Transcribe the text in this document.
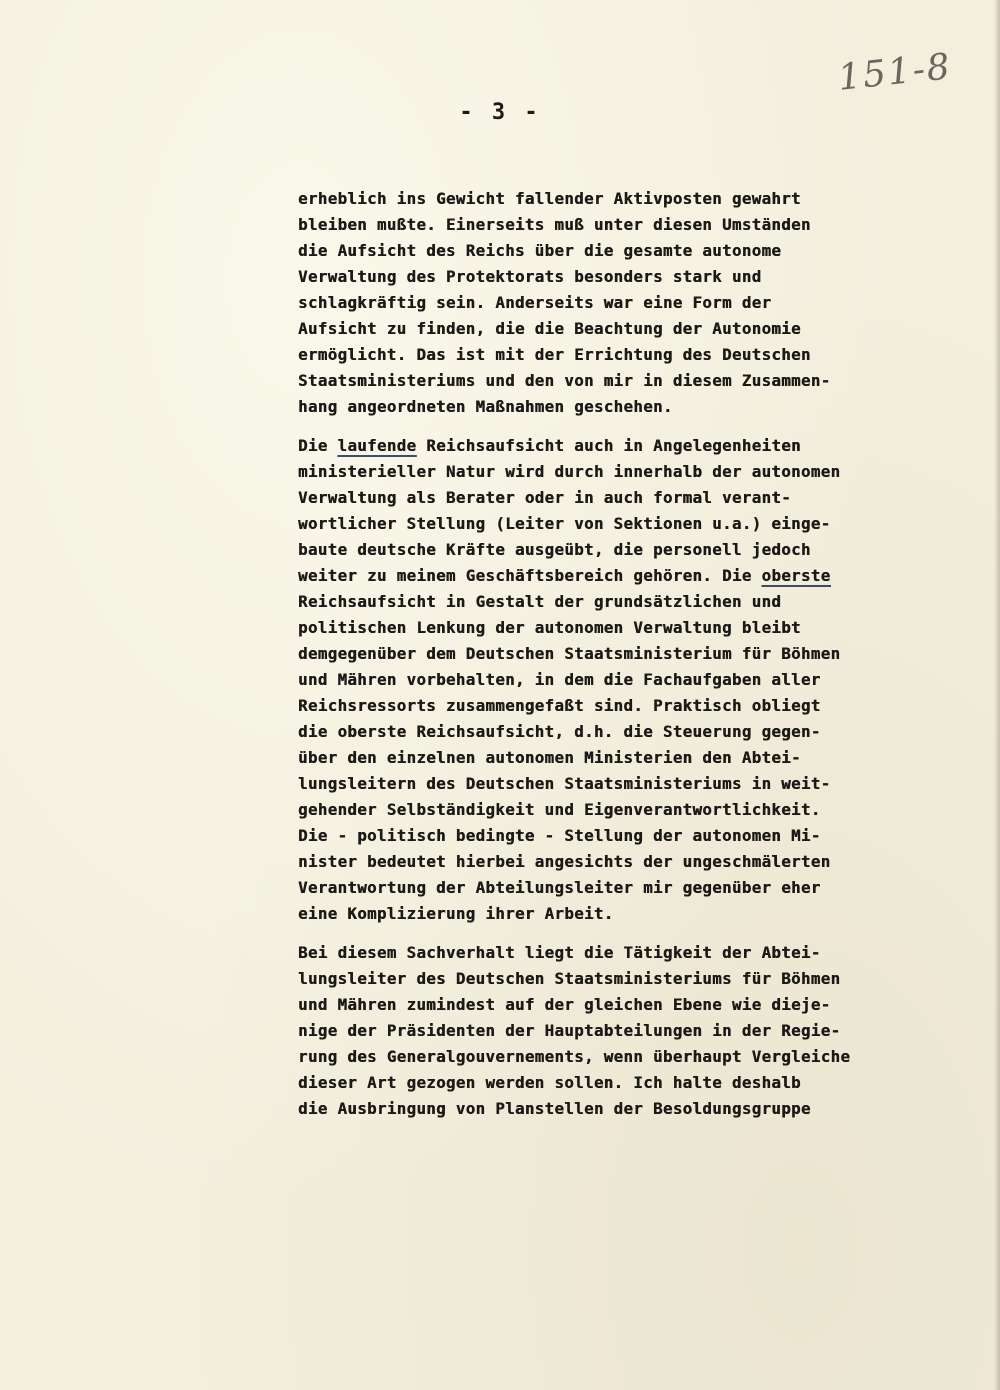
151-8
- 3 -
erheblich ins Gewicht fallender Aktivposten gewahrt
bleiben mußte. Einerseits muß unter diesen Umständen
die Aufsicht des Reichs über die gesamte autonome
Verwaltung des Protektorats besonders stark und
schlagkräftig sein. Anderseits war eine Form der
Aufsicht zu finden, die die Beachtung der Autonomie
ermöglicht. Das ist mit der Errichtung des Deutschen
Staatsministeriums und den von mir in diesem Zusammen-
hang angeordneten Maßnahmen geschehen.
Die laufende Reichsaufsicht auch in Angelegenheiten
ministerieller Natur wird durch innerhalb der autonomen
Verwaltung als Berater oder in auch formal verant-
wortlicher Stellung (Leiter von Sektionen u.a.) einge-
baute deutsche Kräfte ausgeübt, die personell jedoch
weiter zu meinem Geschäftsbereich gehören. Die oberste
Reichsaufsicht in Gestalt der grundsätzlichen und
politischen Lenkung der autonomen Verwaltung bleibt
demgegenüber dem Deutschen Staatsministerium für Böhmen
und Mähren vorbehalten, in dem die Fachaufgaben aller
Reichsressorts zusammengefaßt sind. Praktisch obliegt
die oberste Reichsaufsicht, d.h. die Steuerung gegen-
über den einzelnen autonomen Ministerien den Abtei-
lungsleitern des Deutschen Staatsministeriums in weit-
gehender Selbständigkeit und Eigenverantwortlichkeit.
Die - politisch bedingte - Stellung der autonomen Mi-
nister bedeutet hierbei angesichts der ungeschmälerten
Verantwortung der Abteilungsleiter mir gegenüber eher
eine Komplizierung ihrer Arbeit.
Bei diesem Sachverhalt liegt die Tätigkeit der Abtei-
lungsleiter des Deutschen Staatsministeriums für Böhmen
und Mähren zumindest auf der gleichen Ebene wie dieje-
nige der Präsidenten der Hauptabteilungen in der Regie-
rung des Generalgouvernements, wenn überhaupt Vergleiche
dieser Art gezogen werden sollen. Ich halte deshalb
die Ausbringung von Planstellen der Besoldungsgruppe
